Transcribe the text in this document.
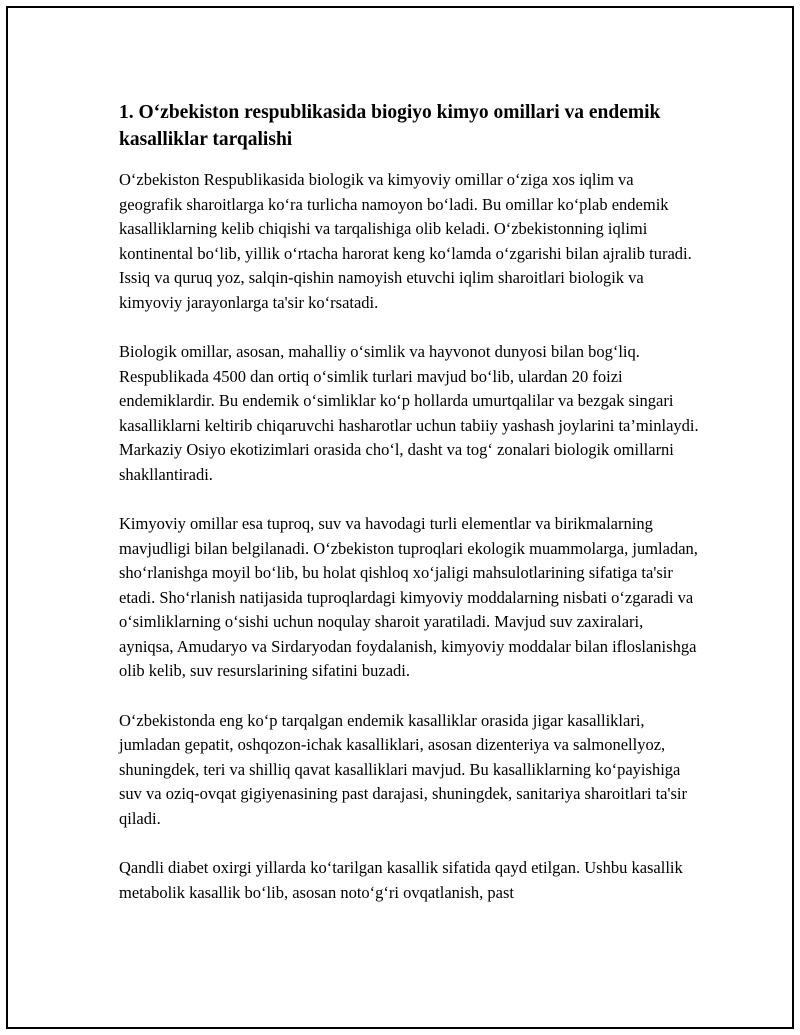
1. O‘zbekiston respublikasida biogiyo kimyo omillari va endemik kasalliklar tarqalishi

O‘zbekiston Respublikasida biologik va kimyoviy omillar o‘ziga xos iqlim va geografik sharoitlarga ko‘ra turlicha namoyon bo‘ladi. Bu omillar ko‘plab endemik kasalliklarning kelib chiqishi va tarqalishiga olib keladi. O‘zbekistonning iqlimi kontinental bo‘lib, yillik o‘rtacha harorat keng ko‘lamda o‘zgarishi bilan ajralib turadi. Issiq va quruq yoz, salqin-qishin namoyish etuvchi iqlim sharoitlari biologik va kimyoviy jarayonlarga ta'sir ko‘rsatadi.

Biologik omillar, asosan, mahalliy o‘simlik va hayvonot dunyosi bilan bog‘liq. Respublikada 4500 dan ortiq o‘simlik turlari mavjud bo‘lib, ulardan 20 foizi endemiklardir. Bu endemik o‘simliklar ko‘p hollarda umurtqalilar va bezgak singari kasalliklarni keltirib chiqaruvchi hasharotlar uchun tabiiy yashash joylarini ta’minlaydi. Markaziy Osiyo ekotizimlari orasida cho‘l, dasht va tog‘ zonalari biologik omillarni shakllantiradi.

Kimyoviy omillar esa tuproq, suv va havodagi turli elementlar va birikmalarning mavjudligi bilan belgilanadi. O‘zbekiston tuproqlari ekologik muammolarga, jumladan, sho‘rlanishga moyil bo‘lib, bu holat qishloq xo‘jaligi mahsulotlarining sifatiga ta'sir etadi. Sho‘rlanish natijasida tuproqlardagi kimyoviy moddalarning nisbati o‘zgaradi va o‘simliklarning o‘sishi uchun noqulay sharoit yaratiladi. Mavjud suv zaxiralari, ayniqsa, Amudaryo va Sirdaryodan foydalanish, kimyoviy moddalar bilan ifloslanishga olib kelib, suv resurslarining sifatini buzadi.

O‘zbekistonda eng ko‘p tarqalgan endemik kasalliklar orasida jigar kasalliklari, jumladan gepatit, oshqozon-ichak kasalliklari, asosan dizenteriya va salmonellyoz, shuningdek, teri va shilliq qavat kasalliklari mavjud. Bu kasalliklarning ko‘payishiga suv va oziq-ovqat gigiyenasining past darajasi, shuningdek, sanitariya sharoitlari ta'sir qiladi.

Qandli diabet oxirgi yillarda ko‘tarilgan kasallik sifatida qayd etilgan. Ushbu kasallik metabolik kasallik bo‘lib, asosan noto‘g‘ri ovqatlanish, past
